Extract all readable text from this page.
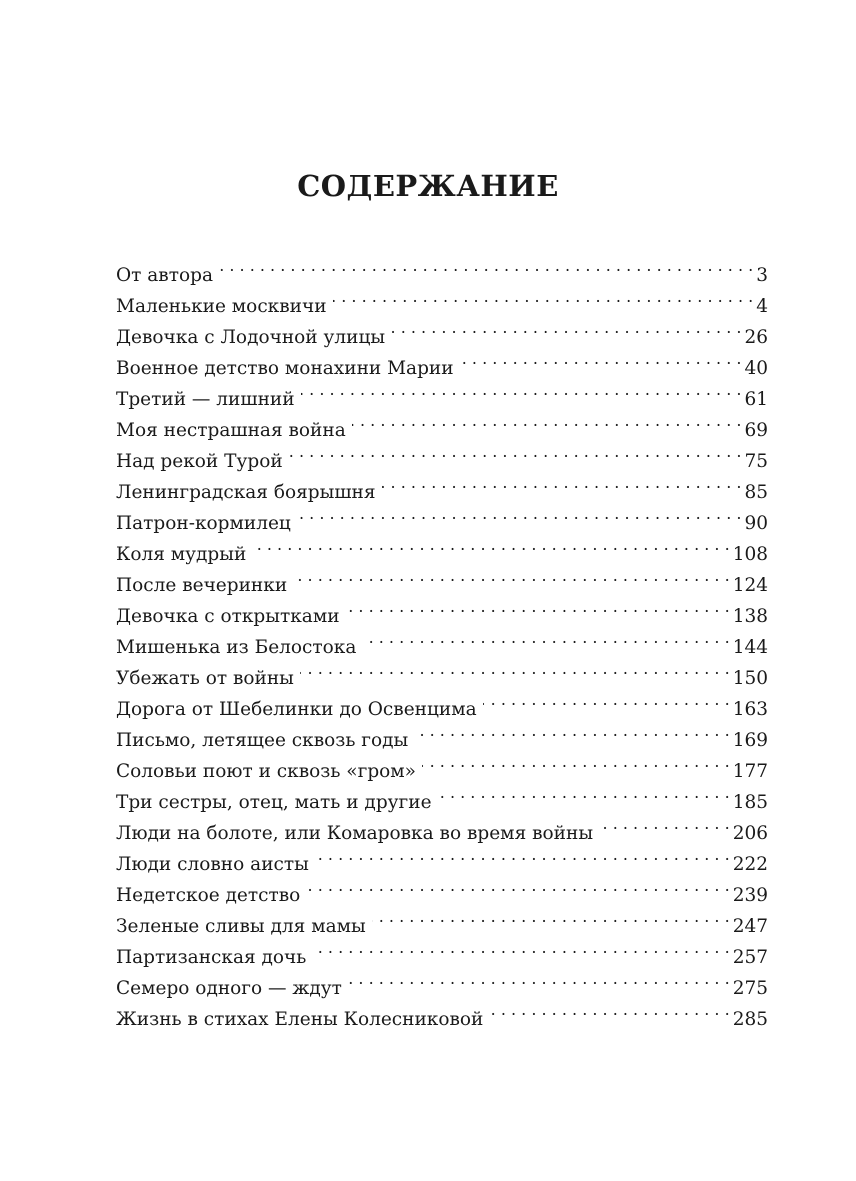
СОДЕРЖАНИЕ
От автора . . .	3
Маленькие москвичи . . .	4
Девочка с Лодочной улицы . . .	26
Военное детство монахини Марии . . .	40
Третий — лишний . . .	61
Моя нестрашная война . . .	69
Над рекой Турой . . .	75
Ленинградская боярышня . . .	85
Патрон-кормилец . . .	90
Коля мудрый . . .	108
После вечеринки . . .	124
Девочка с открытками . . .	138
Мишенька из Белостока . . .	144
Убежать от войны . . .	150
Дорога от Шебелинки до Освенцима . . .	163
Письмо, летящее сквозь годы . . .	169
Соловьи поют и сквозь «гром» . . .	177
Три сестры, отец, мать и другие . . .	185
Люди на болоте, или Комаровка во время войны . . .	206
Люди словно аисты . . .	222
Недетское детство . . .	239
Зеленые сливы для мамы . . .	247
Партизанская дочь . . .	257
Семеро одного — ждут . . .	275
Жизнь в стихах Елены Колесниковой . . .	285
